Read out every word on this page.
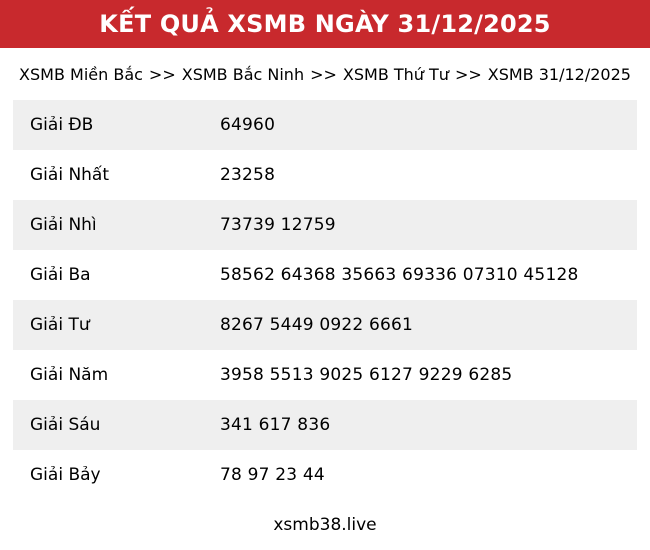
KẾT QUẢ XSMB NGÀY 31/12/2025
XSMB Miền Bắc >> XSMB Bắc Ninh >> XSMB Thứ Tư >> XSMB 31/12/2025
Giải ĐB	64960
Giải Nhất	23258
Giải Nhì	73739 12759
Giải Ba	58562 64368 35663 69336 07310 45128
Giải Tư	8267 5449 0922 6661
Giải Năm	3958 5513 9025 6127 9229 6285
Giải Sáu	341 617 836
Giải Bảy	78 97 23 44
xsmb38.live
